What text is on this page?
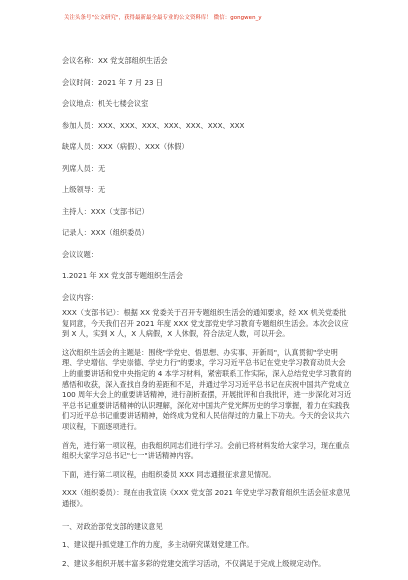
关注头条号"公文研究"，获得最新最全最专业的公文资料库！ 微信：gongwen_y
会议名称：XX 党支部组织生活会
会议时间：2021 年 7 月 23 日
会议地点：机关七楼会议室
参加人员：XXX、XXX、XXX、XXX、XXX、XXX、XXX
缺席人员：XXX（病假）、XXX（休假）
列席人员：无
上级领导：无
主持人：XXX（支部书记）
记录人：XXX（组织委员）
会议议题：
1.2021 年 XX 党支部专题组织生活会
会议内容：

XXX（支部书记）：根据 XX 党委关于召开专题组织生活会的通知要求，经 XX 机关党委批复同意，今天我们召开 2021 年度 XXX 党支部党史学习教育专题组织生活会。本次会议应到 X 人，实到 X 人，X 人病假，X 人休假，符合法定人数，可以开会。

这次组织生活会的主题是：围绕"学党史、悟思想、办实事、开新局"，认真贯彻"学史明理、学史增信、学史崇德、学史力行"的要求，学习习近平总书记在党史学习教育动员大会上的重要讲话和党中央指定的 4 本学习材料，紧密联系工作实际，深入总结党史学习教育的感悟和收获，深入查找自身的差距和不足，并通过学习习近平总书记在庆祝中国共产党成立 100 周年大会上的重要讲话精神，进行剖析查摆，开展批评和自我批评，进一步深化对习近平总书记重要讲话精神的认识理解，深化对中国共产党光辉历史的学习掌握，着力在实践我们习近平总书记重要讲话精神，始终成为党和人民信得过的力量上下功夫。今天的会议共六项议程，下面逐项进行。

首先，进行第一项议程，由我组织同志们进行学习。会前已将材料发给大家学习，现在重点组织大家学习总书记"七一"讲话精神内容。

下面，进行第二项议程，由组织委员 XXX 同志通报征求意见情况。

XXX（组织委员）：现在由我宣读《XXX 党支部 2021 年党史学习教育组织生活会征求意见通报》。

一、对政治部党支部的建议意见

1、建议提升抓党建工作的力度，多主动研究谋划党建工作。

2、建议多组织开展丰富多彩的党建交流学习活动，不仅满足于完成上级规定动作。
